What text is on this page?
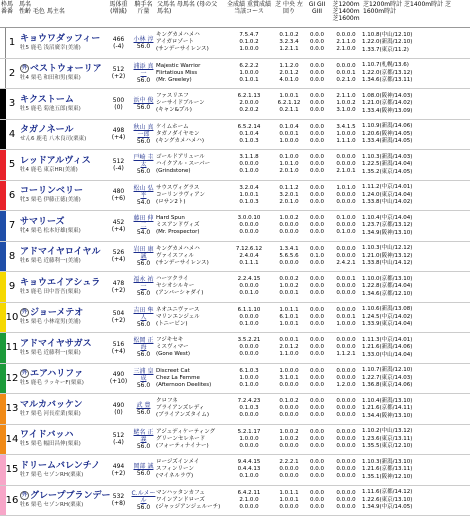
枠番
馬番
馬名
性齢 毛色 馬主名
馬体重 (増減)
騎手名 斤量
父馬名 母馬名 (母の父馬名)
全成績 重賞成績 当該コース
芝 中央 左回り
GI GII GIII
芝1200m 芝1400m 芝1600m
芝1200m時計 芝1400m時計 芝1600m時計
1 キョウワダッフィー
牡5 鹿毛 浅沼廣幸(美浦)
466
(-4)
小林 淳
56.0
キングカメハメハ
アイガロゾート
(サンデーサイレンス)
7.5.4.7
0.1.0.2
1.0.0.0
0.1.0.2
3.2.3.4
1.2.1.1
0.0.0
0.0.0
0.0.0
0.0.0.0
2.1.1.0
2.1.0.0
1.10.8(中山/12.10)
1.22.0(新潟/12.10)
1.33.7(東京/11.2)
2	外 ベストウォーリア
牡4 栗毛 和田和男(栗東)
512
(+2)
浦添 真一
56.0
Majestic Warrior
Flirtatious Miss
(Mr. Greeley)
6.2.2.2
1.0.0.0
0.1.0.1
1.1.2.0
2.0.1.2
4.0.1.0
0.0.0
0.0.0
0.0.0
0.0.0.0
0.0.0.1
0.2.1.0
1.10.7(札幌/13.6)
1.22.0(京都/13.12)
1.34.6(京都/13.11)
3 キクストーム
牡5 鹿毛 菊池五郎(栗東)
500
(0)
浜中 俊
56.0
ファスリエフ
シーサイドブルーン
(キャン&プル)
6.2.1.13
2.0.0.0
0.2.0.2
1.0.0.1
6.2.1.12
0.2.1.1
0.0.0
0.0.0
0.0.0
2.1.1.0
1.0.0.2
3.1.0.0
1.08.0(阪神/14.03)
1.21.0(京都/14.02)
1.33.4(阪神/13.09)
4 タガノネール
せん6 鹿毛 八木良司(栗東)
498
(+4)
秋山 真一郎
56.0
ケイムホーム
タガノダイヤモン
(キングカメハメハ)
6.5.2.14
0.1.0.4
0.1.0.3
0.1.0.4
0.0.0.1
1.0.0.0
0.0.0
0.0.0
0.0.0
3.4.1.5
1.0.0.0
1.1.1.0
1.10.9(新潟/14.06)
1.20.6(阪神/14.05)
1.33.4(新潟/14.05)
5 レッドアルヴィス
牡4 鹿毛 東京HR(美浦)
512
(-4)
戸崎 圭太
56.0
ゴールドアリュール
ハイクアル・スーパー
(Grindstone)
3.1.1.8
0.0.0.0
0.1.0.0
0.1.0.0
1.0.1.0
2.0.1.0
0.0.0
0.0.0
0.0.0
0.0.0.0
0.0.0.0
2.1.0.1
1.10.3(新潟/14.03)
1.22.5(新潟/14.04)
1.35.2(東京/14.05)
6 コーリンベリー
牝3 栗毛 伊藤正徳(美浦)
480
(+6)
松山 弘平
54.0
サウスヴィグラス
コーリンラヴィアン
(ロサン2ト)
3.2.0.4
1.0.0.1
0.1.0.3
0.1.1.2
3.2.0.1
2.0.1.0
0.0.0
0.0.0
0.0.0
1.0.1.0
0.0.0.0
0.0.0.0
1.11.2(中京/14.01)
1.24.0(東京/14.04)
1.33.8(中山/14.02)
7 サマリーズ
牝4 栗毛 松本好雄(栗東)
452
(+4)
藤田 伸二
54.0
Hard Spun
ミスアンドヴィズ
(Mr. Prospector)
3.0.0.10
0.0.0.0
0.0.0.0
1.0.0.2
0.0.0.0
0.0.0.0
0.0.0
0.0.0
0.0.0
0.1.0.0
0.0.0.0
0.1.0.0
1.10.4(中京/14.04)
1.23.7(京都/13.12)
1.34.9(阪神/13.10)
8 アドマイヤロイヤル
牡6 栗毛 近藤利一(美浦)
526
(+4)
岩田 康誠
56.0
キングカメハメハ
ヴァイスフィル
(サンデーサイレンス)
7.12.6.12
2.4.0.4
0.1.1.1
1.3.4.1
5.6.5.6
0.0.0.0
0.0.0
0.1.0
0.0.0
0.0.0.0
0.0.0.0
2.4.2.1
1.10.3(中山/12.12)
1.21.0(阪神/13.12)
1.33.8(中山/14.12)
9 キョウエイアシュラ
牡3 鹿毛 田中晋吾(栗東)
478
(+2)
福永 祐一
56.0
ハーツクライ
ヤシオシルキー
(アンバーシャダイ)
2.2.4.15
0.0.0.0
0.0.1.0
0.0.0.2
1.0.0.2
0.0.0.1
0.0.0
0.0.0
0.0.0
0.0.0.1
0.0.0.0
0.0.0.0
1.10.0(京都/13.10)
1.22.8(京都/14.04)
1.34.6(京都/12.10)
10 外 ジョーメテオ
牡5 栗毛 小林竜男(美浦)
504
(+2)
吉田 隼人
56.0
ネオユニヴァース
マリンエンジェル
(トニービン)
6.1.1.10
0.0.0.0
0.1.0.0
1.0.1.1
6.1.0.1
1.0.0.1
0.0.0
0.0.0
0.0.0
0.0.0.0
0.0.0.1
1.0.0.0
1.10.6(新潟/13.08)
1.24.5(中京/14.02)
1.33.9(東京/14.04)
11 アドマイヤサガス
牡5 栗毛 近藤利一(栗東)
516
(+4)
松岡 正海
56.0
フジキセキ
ミスヴィマー
(Gone West)
3.5.2.21
0.0.0.0
0.0.0.0
0.0.0.1
2.0.1.2
1.1.0.0
0.0.0
0.0.0
0.0.0
0.0.0.0
0.0.0.0
1.1.2.1
1.11.3(中京/14.01)
1.21.6(新潟/14.06)
1.33.0(中山/14.04)
12 外 エアハリファ
牡5 鹿毛 ラッキーF(栗東)
490
(+10)
三浦 皇成
56.0
Discreet Cat
Chez La Femme
(Afternoon Deelites)
6.1.0.3
1.0.0.0
0.1.0.0
1.0.0.0
3.1.0.1
0.0.0.0
0.0.0
0.0.0
0.0.0
0.0.0.0
0.0.0.0
1.2.0.0
1.10.7(新潟/12.10)
1.22.7(東京/14.03)
1.36.8(東京/14.06)
13 マルカバッケン
牡7 栗毛 河長産業(栗東)
490
(0)
武 豊
56.0
クロフネ
ブライアンズレディ
(ブライアンズタイム)
7.2.4.23
0.1.0.3
0.0.0.0
0.1.0.2
0.0.0.0
0.0.0.0
0.0.0
0.0.0
0.0.0
0.0.0.0
0.0.0.0
0.0.0.0
1.10.4(新潟/13.10)
1.21.6(京都/14.11)
1.34.4(阪神/13.10)
14 ワイドバッハ
牡5 栗毛 幅田昌伸(栗東)
512
(-4)
蛯名 正義
56.0
アジュディケーティング
グリーンセレネード
(フォーティナイナー)
5.2.1.17
1.0.0.0
0.0.0.0
1.0.0.2
1.0.0.2
0.0.0.0
0.0.0
0.0.0
0.0.0
0.0.0.0
0.0.0.0
0.0.0.0
1.10.2(中山/13.12)
1.23.6(東京/13.11)
1.35.5(東京/12.10)
15 ドリームバレンチノ
牡7 栗毛 セゾンRH(栗東)
494
(+2)
岡部 誠
56.0
ロージズインメイ
スフィンリーン
(マイネルラヴ)
9.4.4.15
0.4.4.13
0.1.0.0
2.2.2.1
0.0.0.0
0.0.0.0
0.0.0
0.0.0
0.0.0
0.0.0.0
0.0.0.0
0.0.0.0
1.10.3(新潟/13.10)
1.21.6(京都/13.11)
1.35.1(阪神/12.10)
16 外 グレープブランデー
牡6 栗毛 セゾンRH(栗東)
532
(+8)
C.ルメール
56.0
マンハッタンカフェ
ワインアンドローズ
(ジャッジアンジェルーチ)
6.4.2.11
2.1.0.0
0.0.0.0
1.0.1.1
1.0.0.1
0.0.0.0
0.0.0
0.0.0
0.0.0
0.0.0.0
0.0.0.0
0.0.0.0
1.11.6(京都/14.12)
1.22.6(東京/13.10)
1.34.9(中京/14.05)
